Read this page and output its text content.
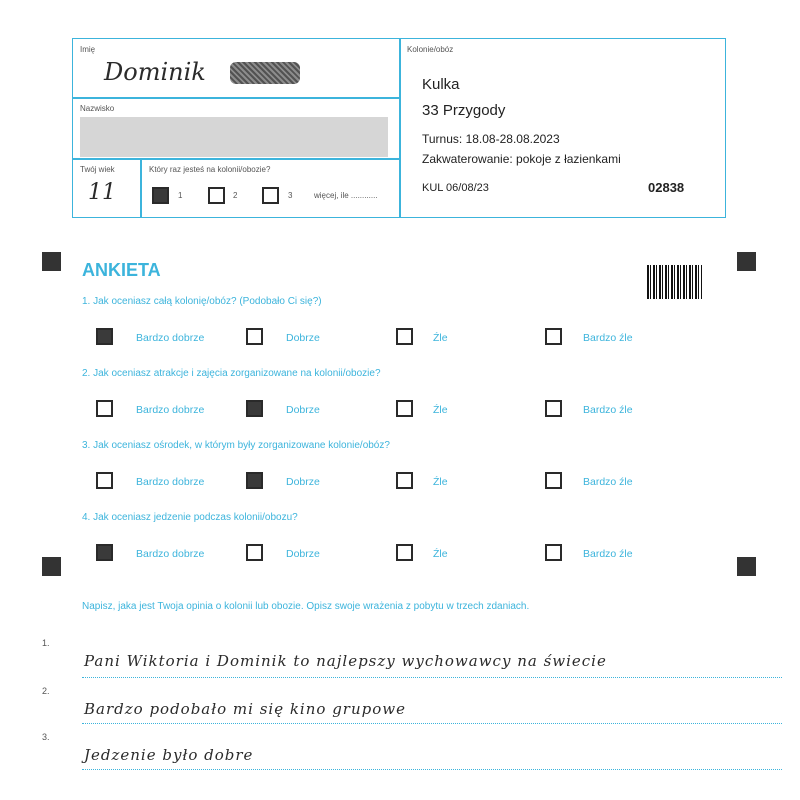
Imię
Dominik
Nazwisko
Twój wiek
11
Który raz jesteś na kolonii/obozie?
1	2	3	więcej, ile ............
Kolonie/obóz
Kulka
33 Przygody
Turnus: 18.08-28.08.2023
Zakwaterowanie: pokoje z łazienkami
KUL 06/08/23	02838
ANKIETA
1. Jak oceniasz całą kolonię/obóz? (Podobało Ci się?)
Bardzo dobrze	Dobrze	Źle	Bardzo źle
2. Jak oceniasz atrakcje i zajęcia zorganizowane na kolonii/obozie?
Bardzo dobrze	Dobrze	Źle	Bardzo źle
3. Jak oceniasz ośrodek, w którym były zorganizowane kolonie/obóz?
Bardzo dobrze	Dobrze	Źle	Bardzo źle
4. Jak oceniasz jedzenie podczas kolonii/obozu?
Bardzo dobrze	Dobrze	Źle	Bardzo źle
Napisz, jaka jest Twoja opinia o kolonii lub obozie. Opisz swoje wrażenia z pobytu w trzech zdaniach.
1.
Pani Wiktoria i Dominik to najlepszy wychowawcy na świecie
2.
Bardzo podobało mi się kino grupowe
3.
Jedzenie było dobre
